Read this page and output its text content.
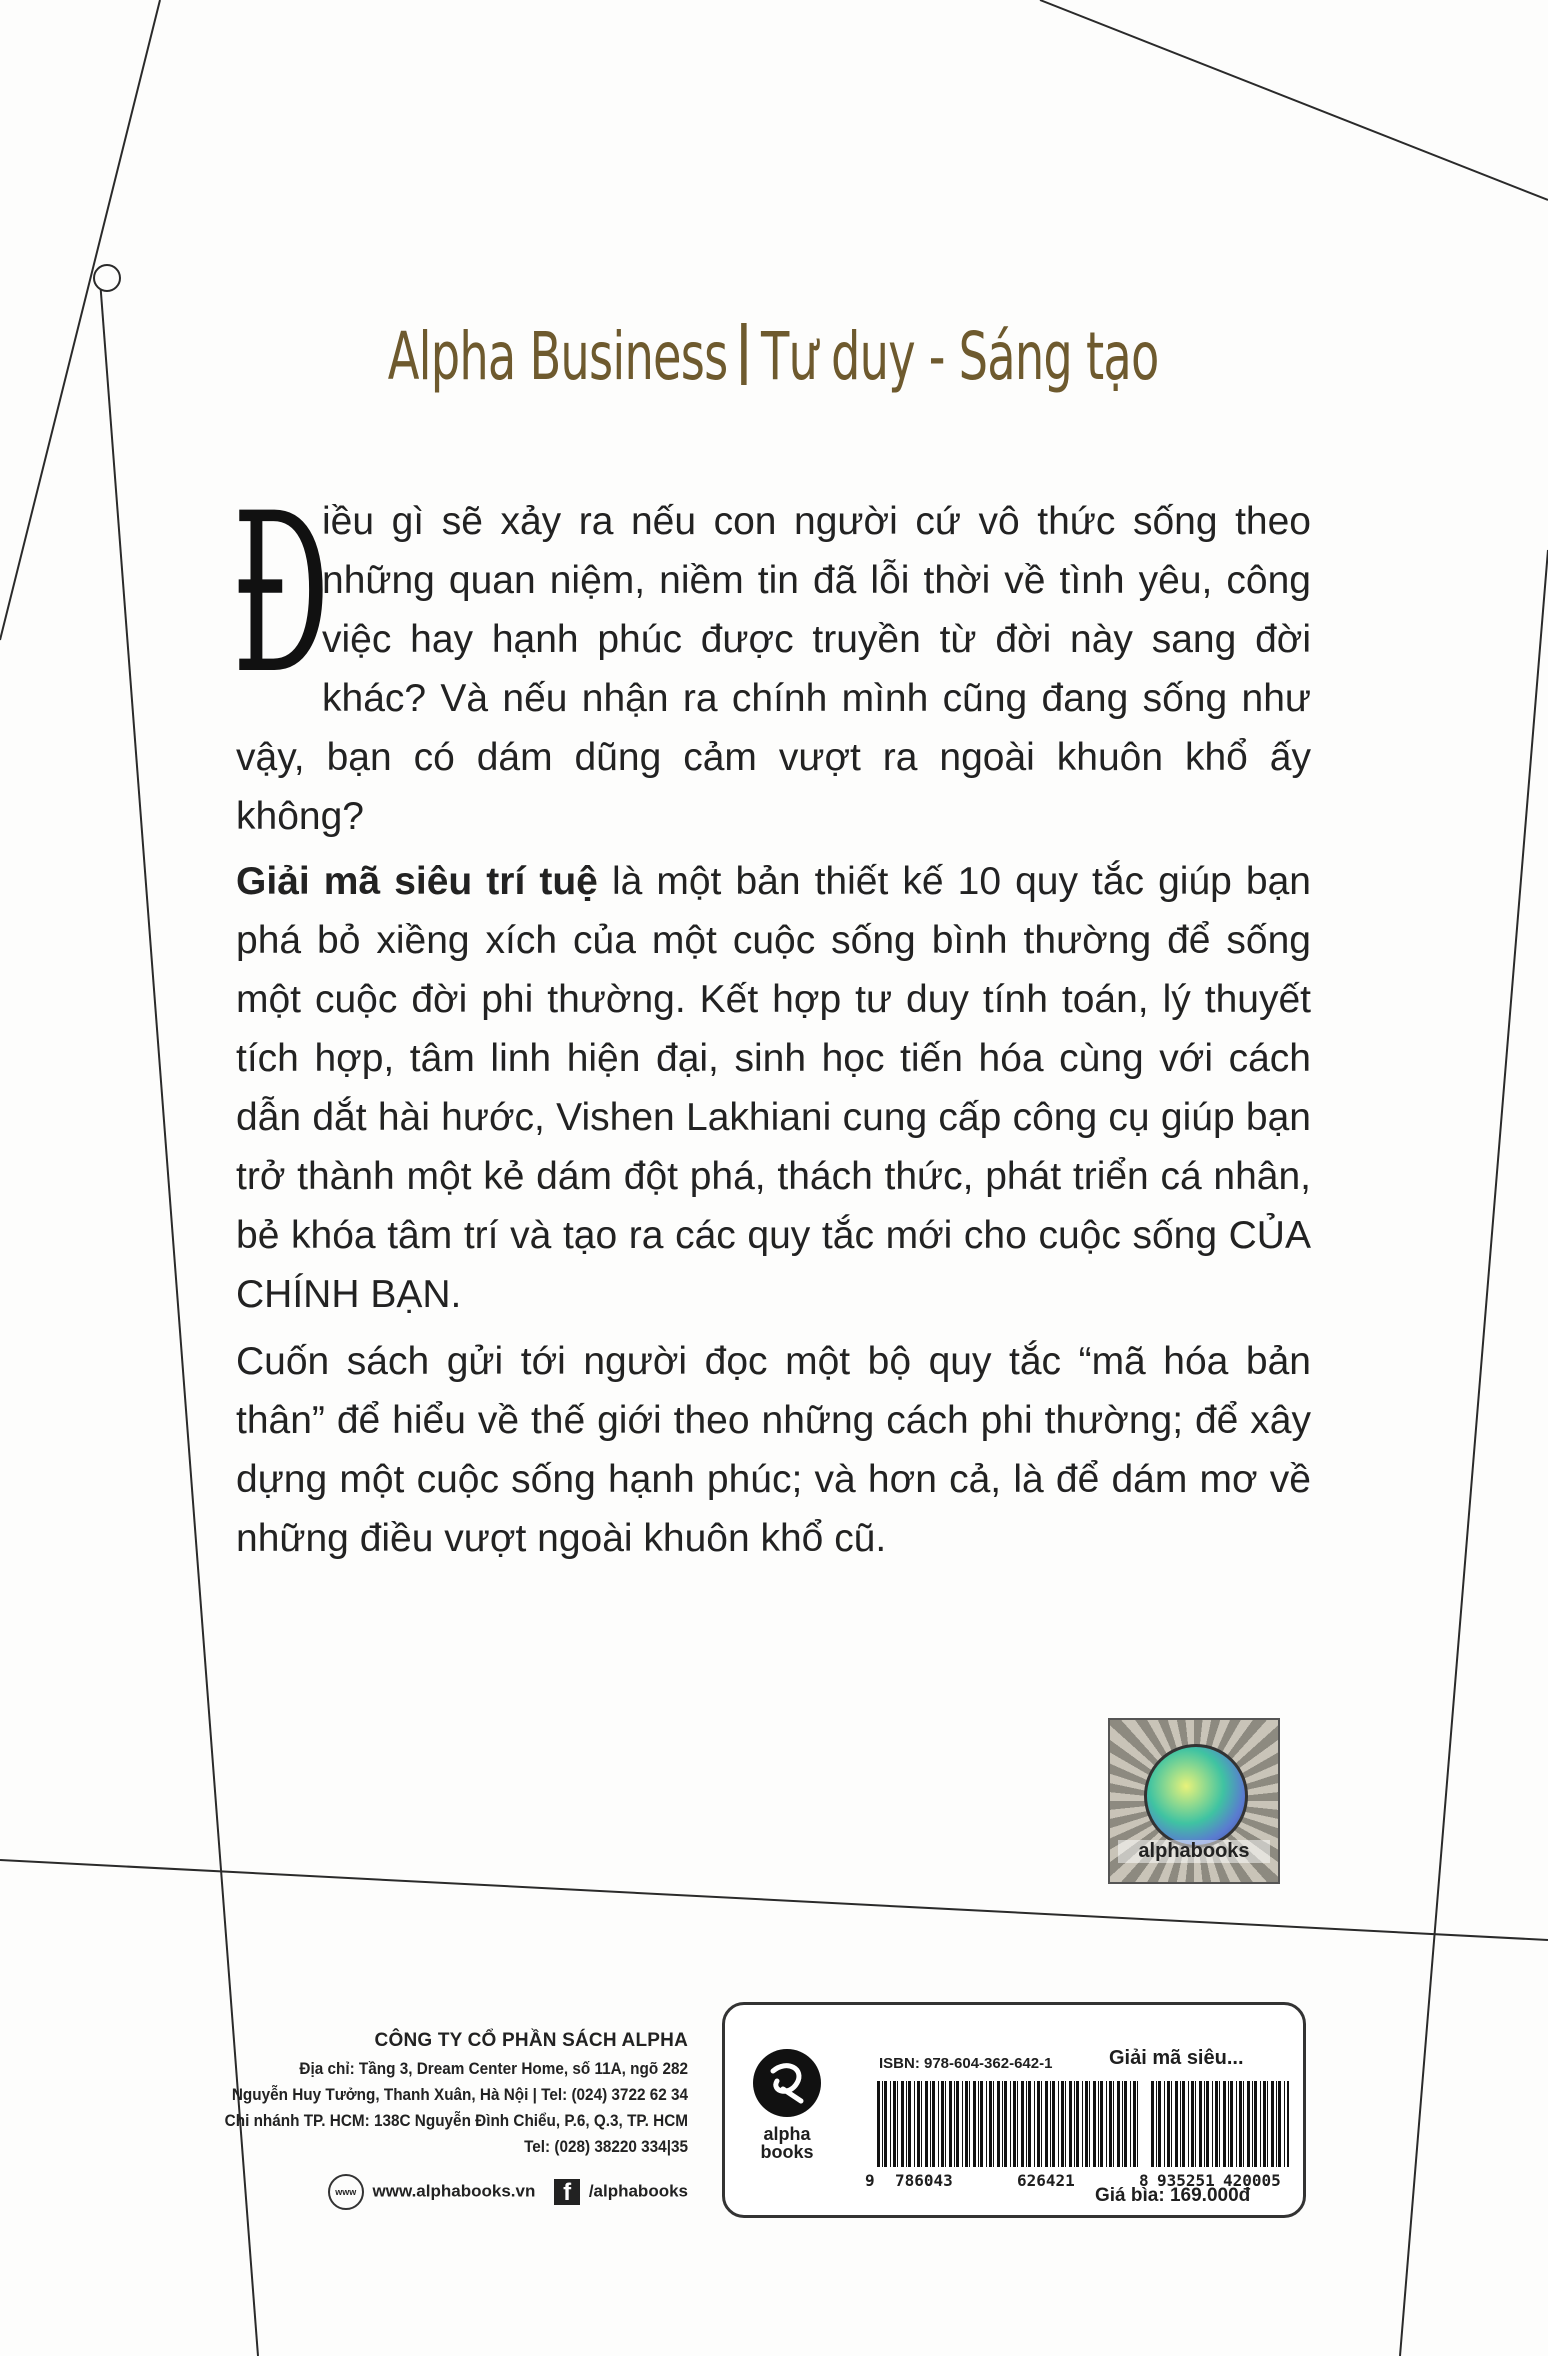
Alpha Business Tư duy - Sáng tạo
Đ

iều gì sẽ xảy ra nếu con người cứ vô thức sống theo những quan niệm, niềm tin đã lỗi thời về tình yêu, công việc hay hạnh phúc được truyền từ đời này sang đời khác? Và nếu nhận ra chính mình cũng đang sống như vậy, bạn có dám dũng cảm vượt ra ngoài khuôn khổ ấy không?

Giải mã siêu trí tuệ là một bản thiết kế 10 quy tắc giúp bạn phá bỏ xiềng xích của một cuộc sống bình thường để sống một cuộc đời phi thường. Kết hợp tư duy tính toán, lý thuyết tích hợp, tâm linh hiện đại, sinh học tiến hóa cùng với cách dẫn dắt hài hước, Vishen Lakhiani cung cấp công cụ giúp bạn trở thành một kẻ dám đột phá, thách thức, phát triển cá nhân, bẻ khóa tâm trí và tạo ra các quy tắc mới cho cuộc sống CỦA CHÍNH BẠN.

Cuốn sách gửi tới người đọc một bộ quy tắc “mã hóa bản thân” để hiểu về thế giới theo những cách phi thường; để xây dựng một cuộc sống hạnh phúc; và hơn cả, là để dám mơ về những điều vượt ngoài khuôn khổ cũ.

alphabooks
CÔNG TY CỔ PHẦN SÁCH ALPHA
Địa chỉ: Tầng 3, Dream Center Home, số 11A, ngõ 282
Nguyễn Huy Tưởng, Thanh Xuân, Hà Nội | Tel: (024) 3722 62 34
Chi nhánh TP. HCM: 138C Nguyễn Đình Chiểu, P.6, Q.3, TP. HCM
Tel: (028) 38220 334|35
www www.alphabooks.vn f /alphabooks
alpha
books
ISBN: 978-604-362-642-1	Giải mã siêu...
9 786043	626421	8 935251 420005
Giá bìa: 169.000đ
